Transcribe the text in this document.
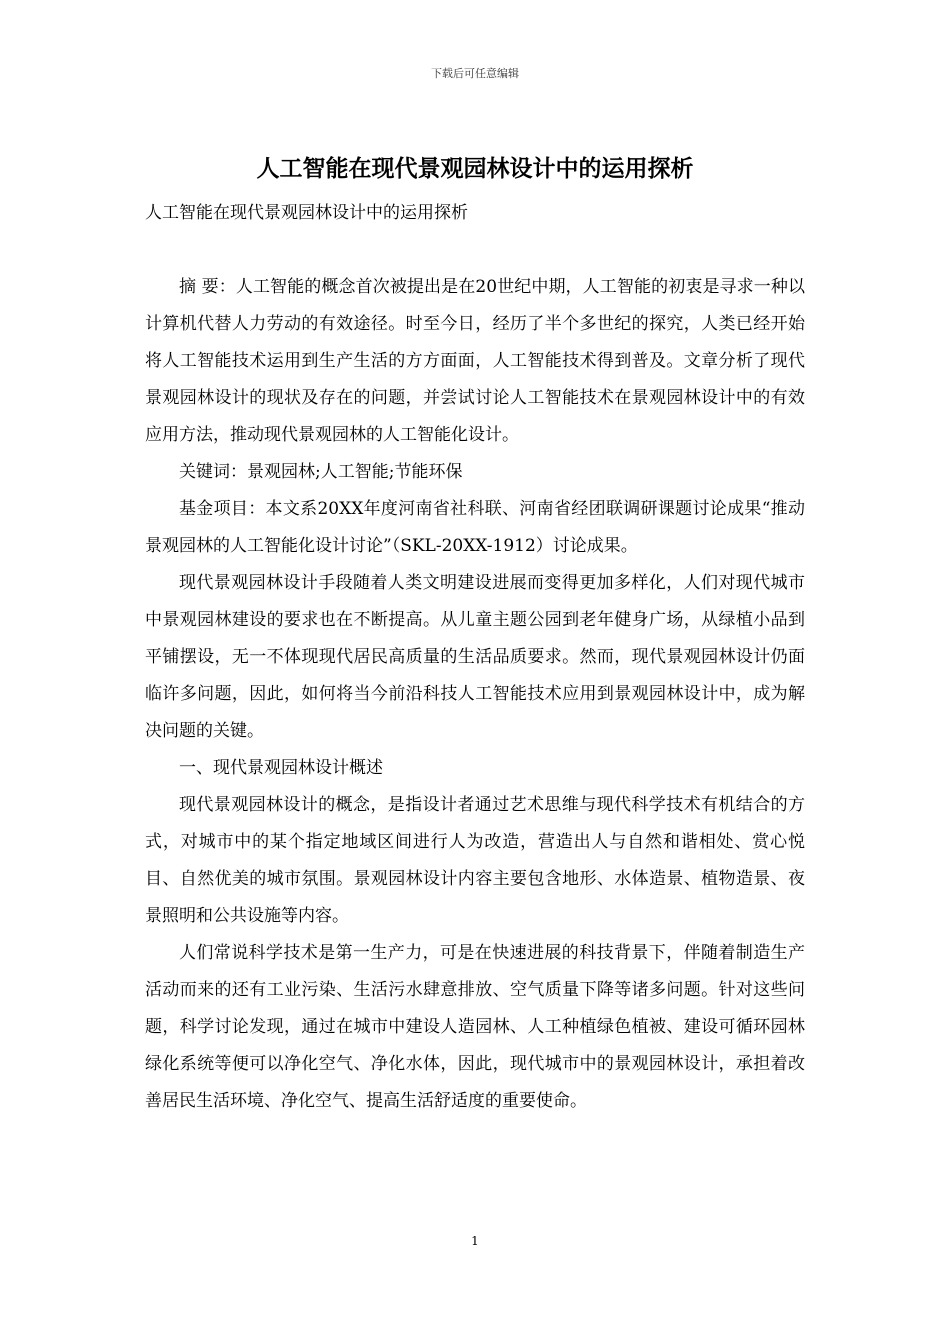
下载后可任意编辑
人工智能在现代景观园林设计中的运用探析
人工智能在现代景观园林设计中的运用探析

摘 要：人工智能的概念首次被提出是在20世纪中期，人工智能的初衷是寻求一种以计算机代替人力劳动的有效途径。时至今日，经历了半个多世纪的探究，人类已经开始将人工智能技术运用到生产生活的方方面面，人工智能技术得到普及。文章分析了现代景观园林设计的现状及存在的问题，并尝试讨论人工智能技术在景观园林设计中的有效应用方法，推动现代景观园林的人工智能化设计。

关键词：景观园林;人工智能;节能环保

基金项目：本文系20XX年度河南省社科联、河南省经团联调研课题讨论成果“推动景观园林的人工智能化设计讨论”（SKL-20XX-1912）讨论成果。

现代景观园林设计手段随着人类文明建设进展而变得更加多样化，人们对现代城市中景观园林建设的要求也在不断提高。从儿童主题公园到老年健身广场，从绿植小品到平铺摆设，无一不体现现代居民高质量的生活品质要求。然而，现代景观园林设计仍面临许多问题，因此，如何将当今前沿科技人工智能技术应用到景观园林设计中，成为解决问题的关键。

一、现代景观园林设计概述

现代景观园林设计的概念，是指设计者通过艺术思维与现代科学技术有机结合的方式，对城市中的某个指定地域区间进行人为改造，营造出人与自然和谐相处、赏心悦目、自然优美的城市氛围。景观园林设计内容主要包含地形、水体造景、植物造景、夜景照明和公共设施等内容。

人们常说科学技术是第一生产力，可是在快速进展的科技背景下，伴随着制造生产活动而来的还有工业污染、生活污水肆意排放、空气质量下降等诸多问题。针对这些问题，科学讨论发现，通过在城市中建设人造园林、人工种植绿色植被、建设可循环园林绿化系统等便可以净化空气、净化水体，因此，现代城市中的景观园林设计，承担着改善居民生活环境、净化空气、提高生活舒适度的重要使命。

1
